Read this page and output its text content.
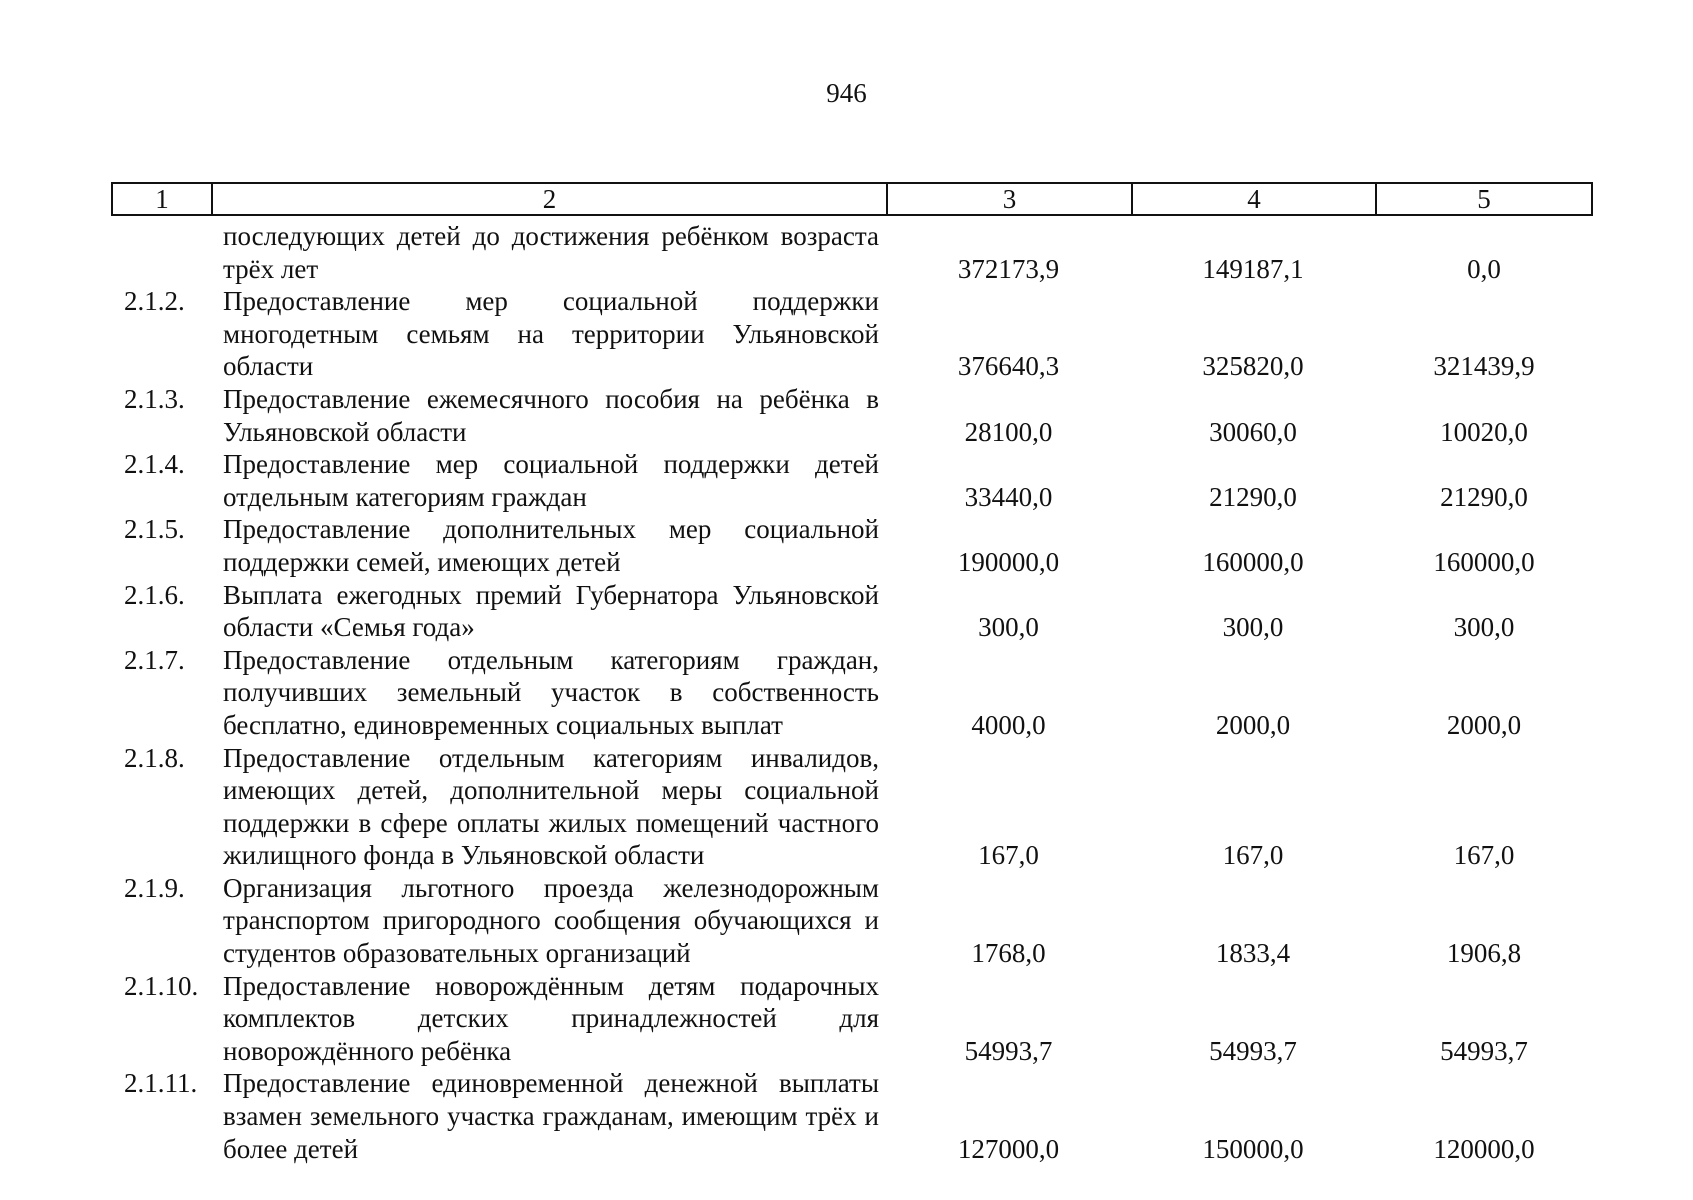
946
1	2	3	4	5
последующих детей до достижения ребёнком возраста трёх лет	372173,9	149187,1	0,0
2.1.2.	Предоставление мер социальной поддержки многодетным семьям на территории Ульяновской области	376640,3	325820,0	321439,9
2.1.3.	Предоставление ежемесячного пособия на ребёнка в Ульяновской области	28100,0	30060,0	10020,0
2.1.4.	Предоставление мер социальной поддержки детей отдельным категориям граждан	33440,0	21290,0	21290,0
2.1.5.	Предоставление дополнительных мер социальной поддержки семей, имеющих детей	190000,0	160000,0	160000,0
2.1.6.	Выплата ежегодных премий Губернатора Ульяновской области «Семья года»	300,0	300,0	300,0
2.1.7.	Предоставление отдельным категориям граждан, получивших земельный участок в собственность бесплатно, единовременных социальных выплат	4000,0	2000,0	2000,0
2.1.8.	Предоставление отдельным категориям инвалидов, имеющих детей, дополнительной меры социальной поддержки в сфере оплаты жилых помещений частного жилищного фонда в Ульяновской области	167,0	167,0	167,0
2.1.9.	Организация льготного проезда железнодорожным транспортом пригородного сообщения обучающихся и студентов образовательных организаций	1768,0	1833,4	1906,8
2.1.10. Предоставление новорождённым детям подарочных комплектов детских принадлежностей для новорождённого ребёнка	54993,7	54993,7	54993,7
2.1.11. Предоставление единовременной денежной выплаты взамен земельного участка гражданам, имеющим трёх и более детей	127000,0	150000,0	120000,0
